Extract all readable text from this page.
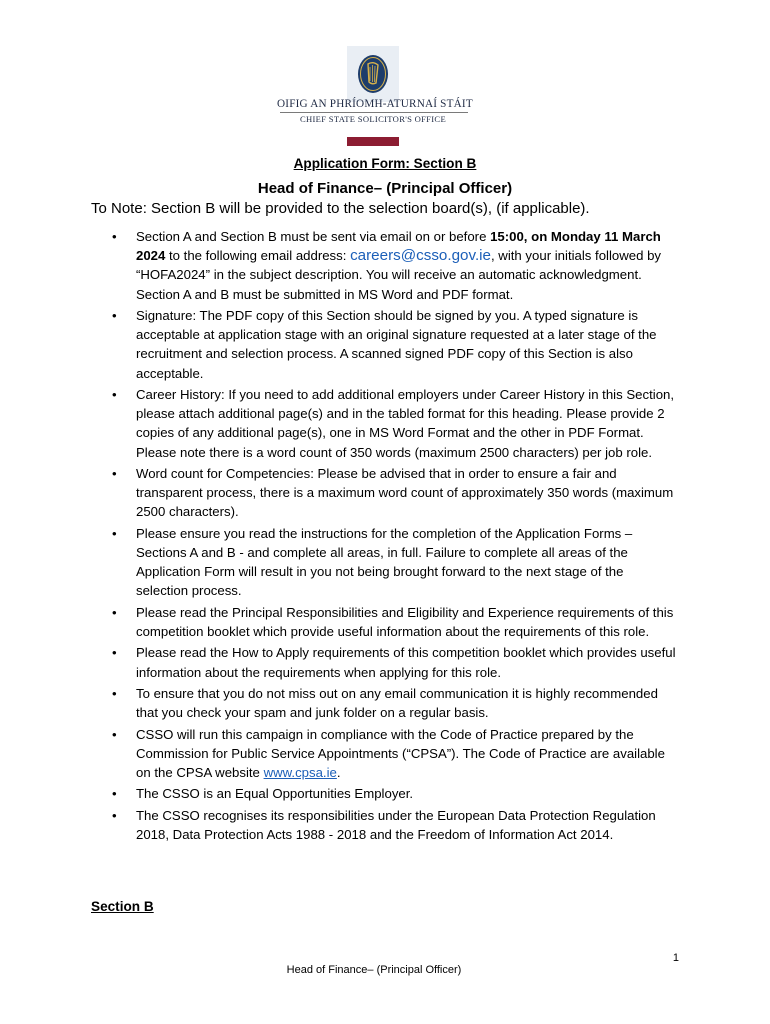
OIFIG AN PHRÍOMH-ATURNAÍ STÁIT
CHIEF STATE SOLICITOR'S OFFICE
Application Form: Section B
Head of Finance– (Principal Officer)
To Note: Section B will be provided to the selection board(s), (if applicable).
• Section A and Section B must be sent via email on or before 15:00, on Monday 11 March 2024 to the following email address: careers@csso.gov.ie, with your initials followed by “HOFA2024” in the subject description. You will receive an automatic acknowledgment. Section A and B must be submitted in MS Word and PDF format.
• Signature: The PDF copy of this Section should be signed by you. A typed signature is acceptable at application stage with an original signature requested at a later stage of the recruitment and selection process. A scanned signed PDF copy of this Section is also acceptable.
• Career History: If you need to add additional employers under Career History in this Section, please attach additional page(s) and in the tabled format for this heading. Please provide 2 copies of any additional page(s), one in MS Word Format and the other in PDF Format. Please note there is a word count of 350 words (maximum 2500 characters) per job role.
• Word count for Competencies: Please be advised that in order to ensure a fair and transparent process, there is a maximum word count of approximately 350 words (maximum 2500 characters).
• Please ensure you read the instructions for the completion of the Application Forms – Sections A and B - and complete all areas, in full. Failure to complete all areas of the Application Form will result in you not being brought forward to the next stage of the selection process.
• Please read the Principal Responsibilities and Eligibility and Experience requirements of this competition booklet which provide useful information about the requirements of this role.
• Please read the How to Apply requirements of this competition booklet which provides useful information about the requirements when applying for this role.
• To ensure that you do not miss out on any email communication it is highly recommended that you check your spam and junk folder on a regular basis.
• CSSO will run this campaign in compliance with the Code of Practice prepared by the Commission for Public Service Appointments (“CPSA”). The Code of Practice are available on the CPSA website www.cpsa.ie.
• The CSSO is an Equal Opportunities Employer.
• The CSSO recognises its responsibilities under the European Data Protection Regulation 2018, Data Protection Acts 1988 - 2018 and the Freedom of Information Act 2014.
Section B
1
Head of Finance– (Principal Officer)
